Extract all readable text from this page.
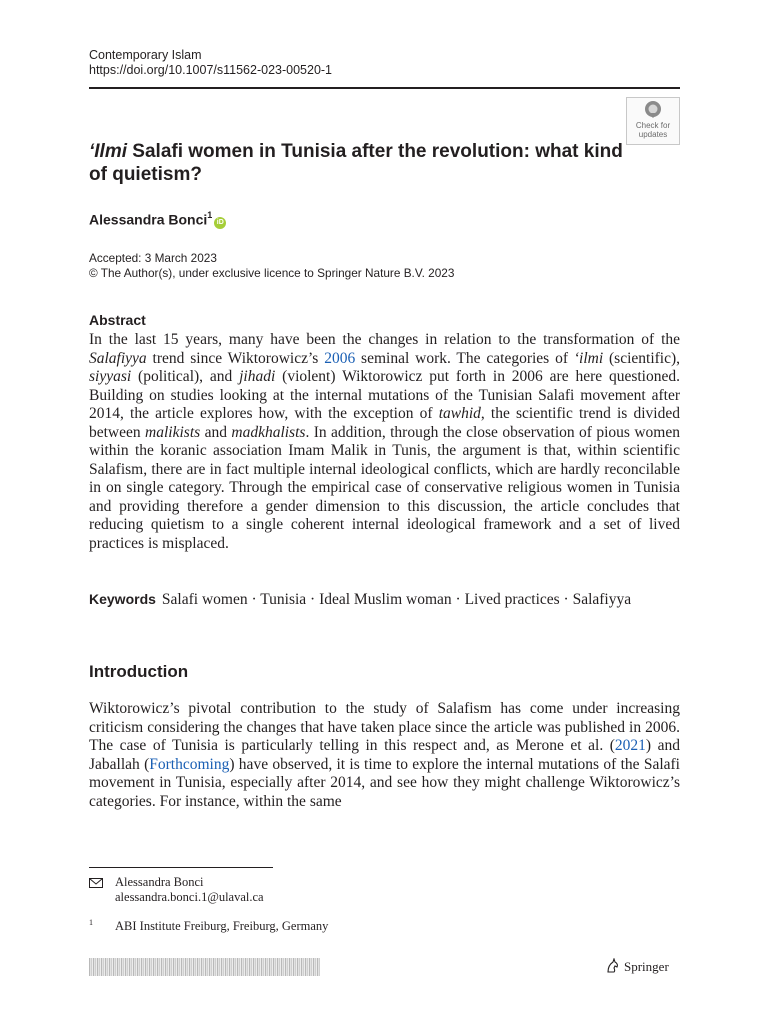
Contemporary Islam
https://doi.org/10.1007/s11562-023-00520-1
Check for
updates
‘Ilmi Salafi women in Tunisia after the revolution: what kind of quietism?
Alessandra Bonci$^1$iD
Accepted: 3 March 2023
© The Author(s), under exclusive licence to Springer Nature B.V. 2023
Abstract

In the last 15 years, many have been the changes in relation to the transformation of the Salafiyya trend since Wiktorowicz’s 2006 seminal work. The categories of ‘ilmi (scientific), siyyasi (political), and jihadi (violent) Wiktorowicz put forth in 2006 are here questioned. Building on studies looking at the internal mutations of the Tunisian Salafi movement after 2014, the article explores how, with the exception of tawhid, the scientific trend is divided between malikists and madkhalists. In addition, through the close observation of pious women within the koranic association Imam Malik in Tunis, the argument is that, within scientific Salafism, there are in fact multiple internal ideological conflicts, which are hardly reconcilable in on single category. Through the empirical case of conservative religious women in Tunisia and providing therefore a gender dimension to this discussion, the article concludes that reducing quietism to a single coherent internal ideological framework and a set of lived practices is misplaced.

Keywords Salafi women · Tunisia · Ideal Muslim woman · Lived practices · Salafiyya
Introduction

Wiktorowicz’s pivotal contribution to the study of Salafism has come under increasing criticism considering the changes that have taken place since the article was published in 2006. The case of Tunisia is particularly telling in this respect and, as Merone et al. (2021) and Jaballah (Forthcoming) have observed, it is time to explore the internal mutations of the Salafi movement in Tunisia, especially after 2014, and see how they might challenge Wiktorowicz’s categories. For instance, within the same

Alessandra Bonci
alessandra.bonci.1@ulaval.ca
1 ABI Institute Freiburg, Freiburg, Germany
Springer
